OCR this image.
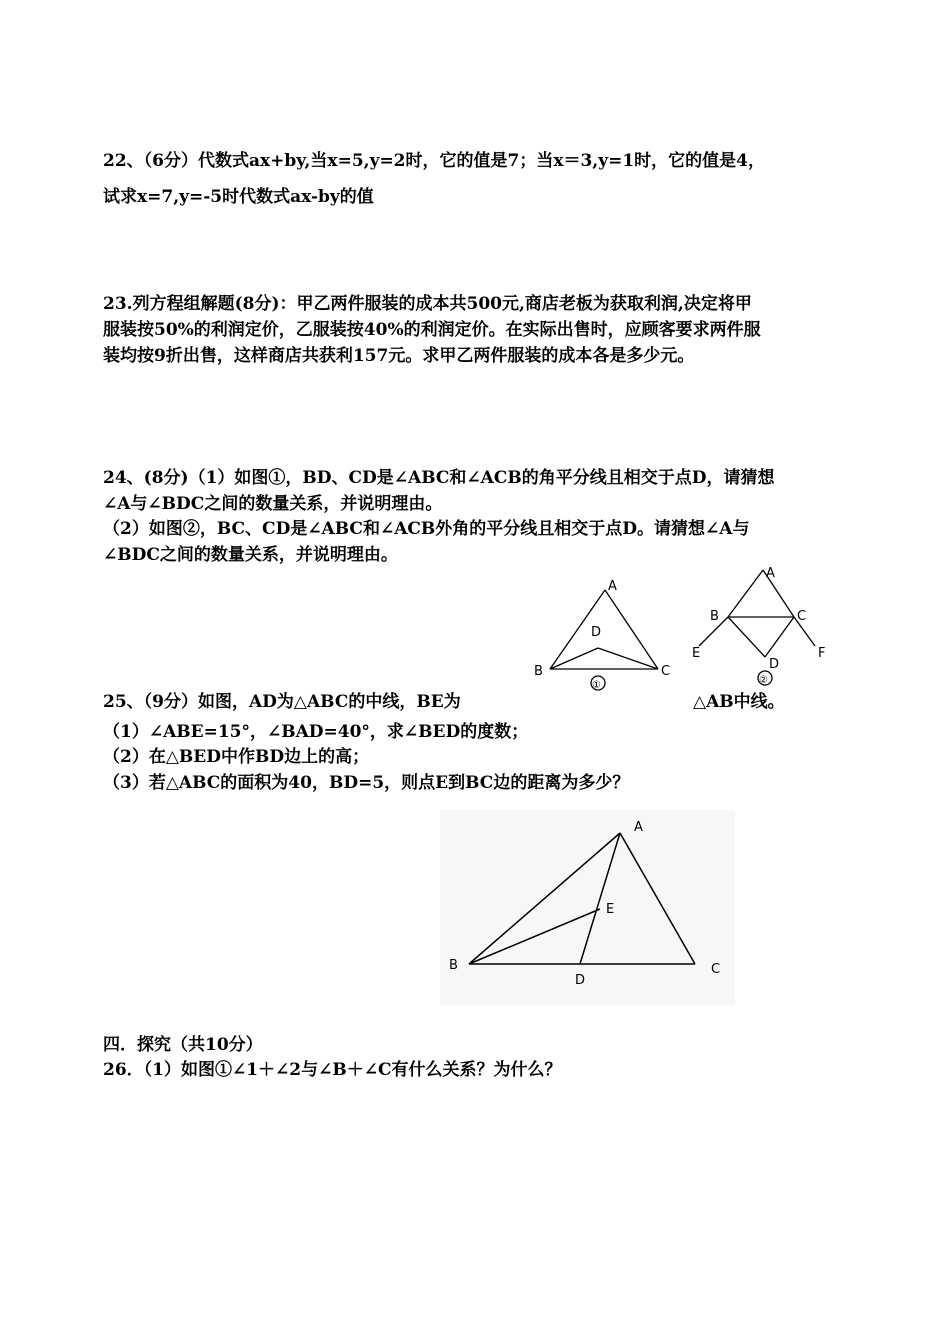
22、（6分）代数式ax+by,当x=5,y=2时，它的值是7；当x＝3,y=1时，它的值是4，
试求x=7,y=-5时代数式ax-by的值
23.列方程组解题(8分)：甲乙两件服装的成本共500元,商店老板为获取利润,决定将甲
服装按50%的利润定价，乙服装按40%的利润定价。在实际出售时，应顾客要求两件服
装均按9折出售，这样商店共获利157元。求甲乙两件服装的成本各是多少元。
24、(8分)（1）如图①，BD、CD是∠ABC和∠ACB的角平分线且相交于点D，请猜想
∠A与∠BDC之间的数量关系，并说明理由。
（2）如图②，BC、CD是∠ABC和∠ACB外角的平分线且相交于点D。请猜想∠A与
∠BDC之间的数量关系，并说明理由。
A
B	C
D
①
A
B	C
D
E	F
②
25、（9分）如图，AD为△ABC的中线，BE为	△AB中线。
（1）∠ABE=15°，∠BAD=40°，求∠BED的度数；
（2）在△BED中作BD边上的高；
（3）若△ABC的面积为40，BD=5，则点E到BC边的距离为多少？
A
B	C
D
E
四．探究（共10分）
26．（1）如图①∠1＋∠2与∠B＋∠C有什么关系？为什么？
